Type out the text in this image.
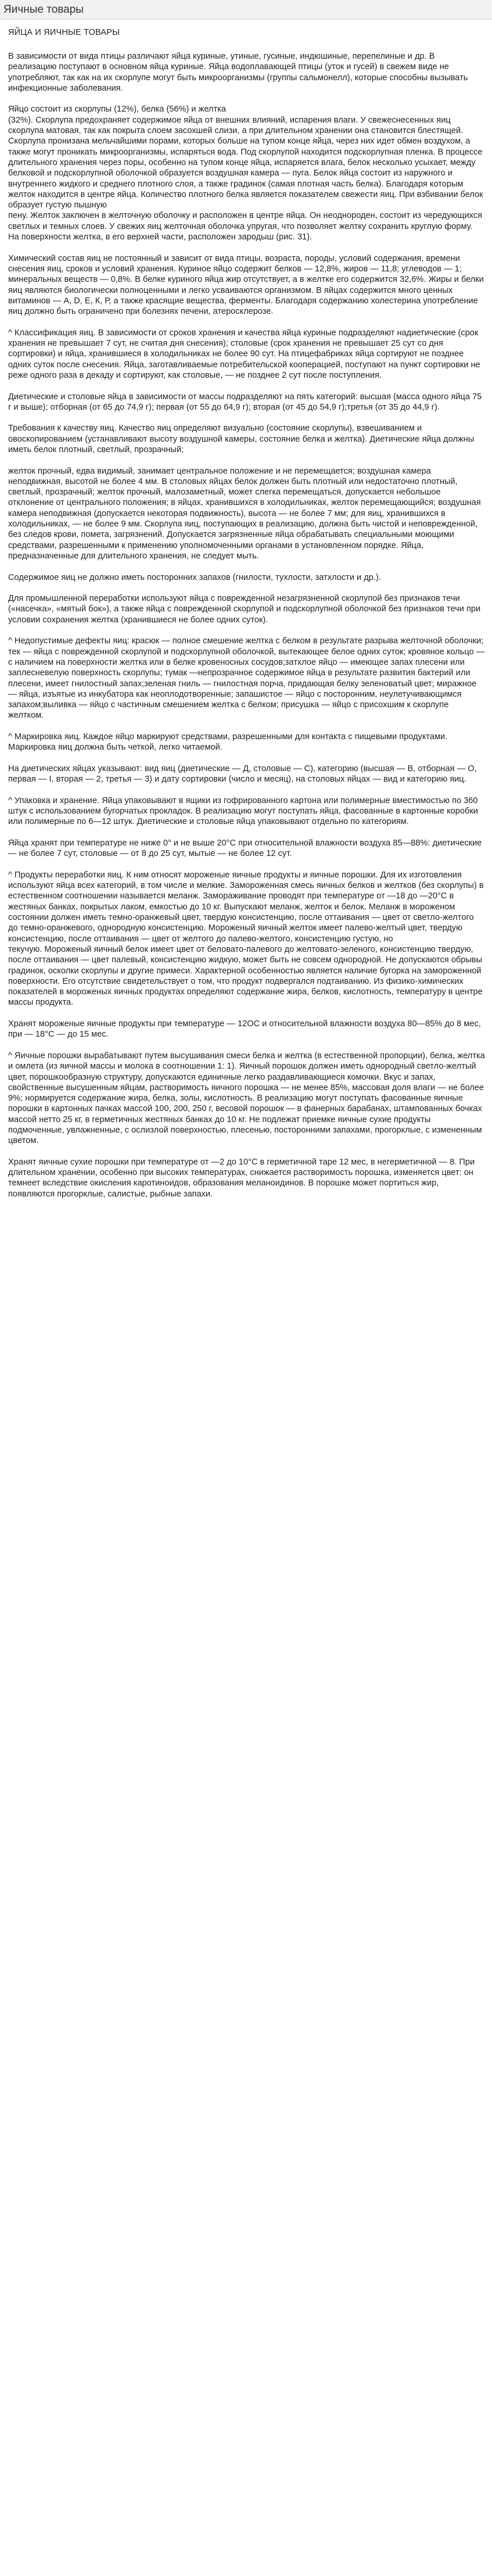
Яичные товары
ЯЙЦА И ЯИЧНЫЕ ТОВАРЫ

В зависимости от вида птицы различают яйца куриные, утиные, гусиные, индюшиные, перепелиные и др. В реализацию поступают в основном яйца куриные. Яйца водоплавающей птицы (уток и гусей) в свежем виде не употребляют, так как на их скорлупе могут быть микроорганизмы (группы сальмонелл), которые способны вызывать инфекционные заболевания.

Яйцо состоит из скорлупы (12%), белка (56%) и желтка
(32%). Скорлупа предохраняет содержимое яйца от внешних влияний, испарения влаги. У свежеснесенных яиц скорлупа матовая, так как покрыта слоем засохшей слизи, а при длительном хранении она становится блестящей. Скорлупа пронизана мельчайшими порами, которых больше на тупом конце яйца, через них идет обмен воздухом, а также могут проникать микроорганизмы, испаряться вода. Под скорлупой находится подскорлупная пленка. В процессе длительного хранения через поры, особенно на тупом конце яйца, испаряется влага, белок несколько усыхает, между белковой и подскорлупной оболочкой образуется воздушная камера — пуга. Белок яйца состоит из наружного и внутреннего жидкого и среднего плотного слоя, а также градинок (самая плотная часть белка). Благодаря которым желток находится в центре яйца. Количество плотного белка является показателем свежести яиц. При взбивании белок образует густую пышную
пену. Желток заключен в желточную оболочку и расположен в центре яйца. Он неоднороден, состоит из чередующихся светлых и темных слоев. У свежих яиц желточная оболочка упругая, что позволяет желтку сохранить круглую форму. На поверхности желтка, в его верхней части, расположен зародыш (рис. 31).

Химический состав яиц не постоянный и зависит от вида птицы, возраста, породы, условий содержания, времени снесения яиц, сроков и условий хранения. Куриное яйцо содержит белков — 12,8%, жиров — 11,8; углеводов — 1; минеральных веществ — 0,8%. В белке куриного яйца жир отсутствует, а в желтке его содержится 32,6%. Жиры и белки яиц являются биологически полноценными и легко усваиваются организмом. В яйцах содержится много ценных витаминов — А, D, Е, К, Р, а также красящие вещества, ферменты. Благодаря содержанию холестерина употребление яиц должно быть ограничено при болезнях печени, атеросклерозе.

^ Классификация яиц. В зависимости от сроков хранения и качества яйца куриные подразделяют надиетические (срок хранения не превышает 7 сут, не считая дня снесения); столовые (срок хранения не превышает 25 сут со дня сортировки) и яйца, хранившиеся в холодильниках не более 90 сут. На птицефабриках яйца сортируют не позднее одних суток после снесения. Яйца, заготавливаемые потребительской кооперацией, поступают на пункт сортировки не реже одного раза в декаду и сортируют, как столовые, — не позднее 2 сут после поступления.

Диетические и столовые яйца в зависимости от массы подразделяют на пять категорий: высшая (масса одного яйца 75 г и выше); отборная (от 65 до 74,9 г); первая (от 55 до 64,9 г); вторая (от 45 до 54,9 г);третья (от 35 до 44,9 г).

Требования к качеству яиц. Качество яиц определяют визуально (состояние скорлупы), взвешиванием и овоскопированием (устанавливают высоту воздушной камеры, состояние белка и желтка). Диетические яйца должны иметь белок плотный, светлый, прозрачный;

желток прочный, едва видимый, занимает центральное положение и не перемещается; воздушная камера неподвижная, высотой не более 4 мм. В столовых яйцах белок должен быть плотный или недостаточно плотный, светлый, прозрачный; желток прочный, малозаметный, может слегка перемещаться, допускается небольшое отклонение от центрального положения; в яйцах, хранившихся в холодильниках, желток перемещающийся; воздушная камера неподвижная (допускается некоторая подвижность), высота — не более 7 мм; для яиц, хранившихся в холодильниках, — не более 9 мм. Скорлупа яиц, поступающих в реализацию, должна быть чистой и неповрежденной, без следов крови, помета, загрязнений. Допускается загрязненные яйца обрабатывать специальными моющими средствами, разрешенными к применению уполномоченными органами в установленном порядке. Яйца, предназначенные для длительного хранения, не следует мыть.

Содержимое яиц не должно иметь посторонних запахов (гнилости, тухлости, затхлости и др.).

Для промышленной переработки используют яйца с поврежденной незагрязненной скорлупой без признаков течи («насечка», «мятый бок»), а также яйца с поврежденной скорлупой и подскорлупной оболочкой без признаков течи при условии сохранения желтка (хранившиеся не более одних суток).

^ Недопустимые дефекты яиц: красюк — полное смешение желтка с белком в результате разрыва желточной оболочки; тек — яйца с поврежденной скорлупой и подскорлупной оболочкой, вытекающее белое одних суток; кровяное кольцо — с наличием на поверхности желтка или в белке кровеносных сосудов;затхлое яйцо — имеющее запах плесени или заплесневелую поверхность скорлупы; тумак —непрозрачное содержимое яйца в результате развития бактерий или плесени, имеет гнилостный запах;зеленая гниль — гнилостная порча, придающая белку зеленоватый цвет; миражное — яйца, изъятые из инкубатора как неоплодотворенные; запашистое — яйцо с посторонним, неулетучивающимся запахом;выливка — яйцо с частичным смешением желтка с белком; присушка — яйцо с присохшим к скорлупе желтком.

^ Маркировка яиц. Каждое яйцо маркируют средствами, разрешенными для контакта с пищевыми продуктами. Маркировка яиц должна быть четкой, легко читаемой.

На диетических яйцах указывают: вид яиц (диетические — Д, столовые — С), категорию (высшая — В, отборная — О, первая — I, вторая — 2, третья — 3) и дату сортировки (число и месяц), на столовых яйцах — вид и категорию яиц.

^ Упаковка и хранение. Яйца упаковывают в ящики из гофрированного картона или полимерные вместимостью по 360 штук с использованием бугорчатых прокладок. В реализацию могут поступать яйца, фасованные в картонные коробки или полимерные по 6—12 штук. Диетические и столовые яйца упаковывают отдельно по категориям.

Яйца хранят при температуре не ниже 0° и не выше 20°С при относительной влажности воздуха 85—88%: диетические — не более 7 сут, столовые — от 8 до 25 сут, мытые — не более 12 сут.

^ Продукты переработки яиц. К ним относят мороженые яичные продукты и яичные порошки. Для их изготовления используют яйца всех категорий, в том числе и мелкие. Замороженная смесь яичных белков и желтков (без скорлупы) в естественном соотношении называется меланж. Замораживание проводят при температуре от —18 до —20°С в жестяных банках, покрытых лаком, емкостью до 10 кг. Выпускают меланж, желток и белок. Меланж в мороженом состоянии должен иметь темно-оранжевый цвет, твердую консистенцию, после оттаивания — цвет от светло-желтого до темно-оранжевого, однородную консистенцию. Мороженый яичный желток имеет палево-желтый цвет, твердую консистенцию, после оттаивания — цвет от желтого до палево-желтого, консистенцию густую, но
текучую. Мороженый яичный белок имеет цвет от беловато-палевого до желтовато-зеленого, консистенцию твердую, после оттаивания — цвет палевый, консистенцию жидкую, может быть не совсем однородной. Не допускаются обрывы градинок, осколки скорлупы и другие примеси. Характерной особенностью является наличие бугорка на замороженной поверхности. Его отсутствие свидетельствует о том, что продукт подвергался подтаиванию. Из физико-химических показателей в мороженых яичных продуктах определяют содержание жира, белков, кислотность, температуру в центре массы продукта.

Хранят мороженые яичные продукты при температуре — 12ОС и относительной влажности воздуха 80—85% до 8 мес, при — 18°С — до 15 мес.

^ Яичные порошки вырабатывают путем высушивания смеси белка и желтка (в естественной пропорции), белка, желтка и омлета (из яичной массы и молока в соотношении 1: 1). Яичный порошок должен иметь однородный светло-желтый цвет, порошкообразную структуру, допускаются единичные легко раздавливающиеся комочки. Вкус и запах, свойственные высушенным яйцам, растворимость яичного порошка — не менее 85%, массовая доля влаги — не более 9%; нормируется содержание жира, белка, золы, кислотность. В реализацию могут поступать фасованные яичные порошки в картонных пачках массой 100, 200, 250 г, весовой порошок — в фанерных барабанах, штампованных бочках массой нетто 25 кг, в герметичных жестяных банках до 10 кг. Не подлежат приемке яичные сухие продукты подмоченные, увлажненные, с ослизлой поверхностью, плесенью, посторонними запахами, прогорклые, с измененным цветом.

Хранят яичные сухие порошки при температуре от —2 до 10°С в герметичной таре 12 мес, в негерметичной — 8. При длительном хранении, особенно при высоких температурах, снижается растворимость порошка, изменяется цвет: он темнеет вследствие окисления каротиноидов, образования меланоидинов. В порошке может портиться жир, появляются прогорклые, салистые, рыбные запахи.
